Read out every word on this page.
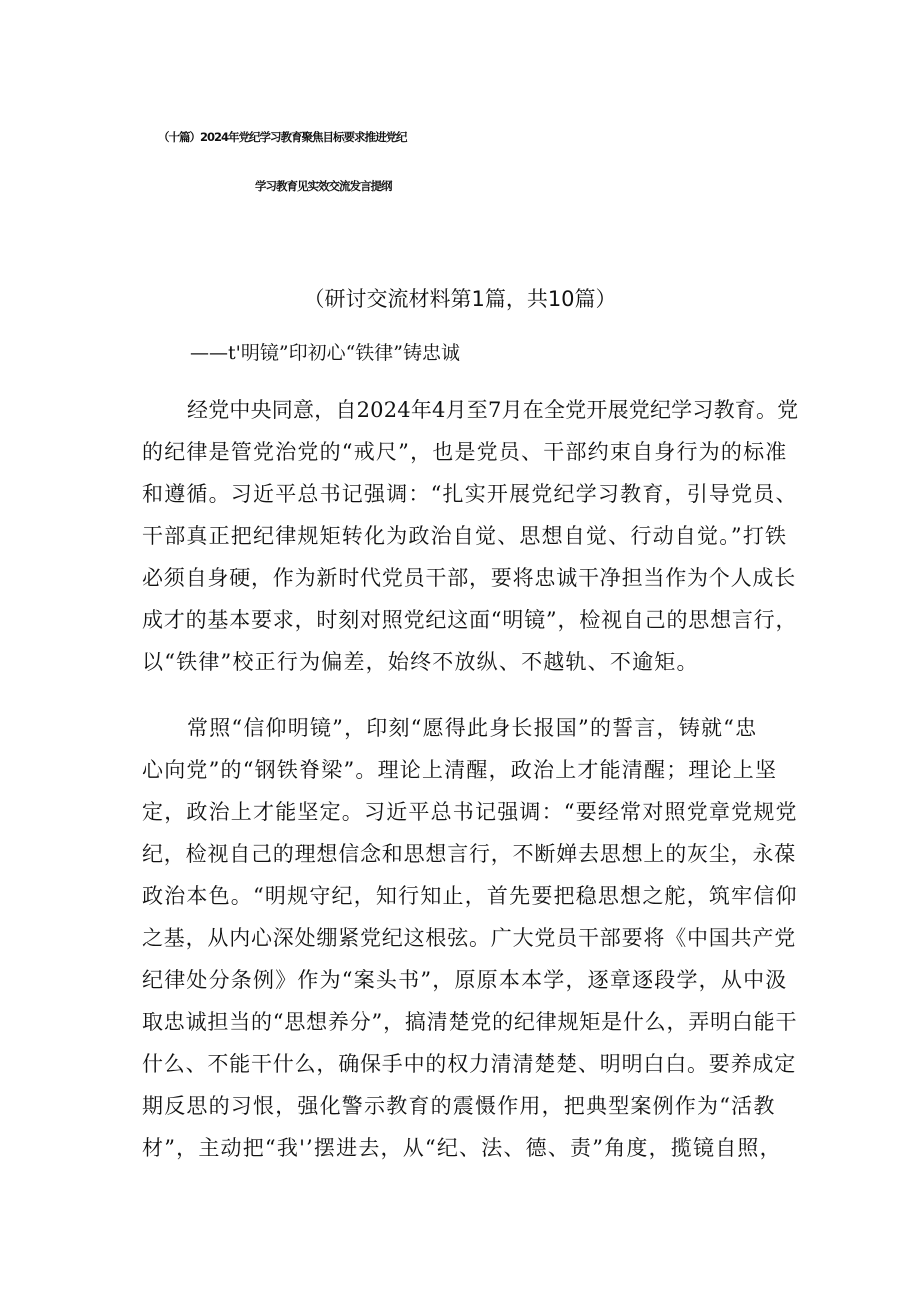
（十篇）2024年党纪学习教育聚焦目标要求推进党纪
学习教育见实效交流发言提纲
（研讨交流材料第1篇，共10篇）
——t'明镜”印初心“铁律”铸忠诚
经党中央同意，自2024年4月至7月在全党开展党纪学习教育。党
的纪律是管党治党的“戒尺”，也是党员、干部约束自身行为的标准
和遵循。习近平总书记强调：“扎实开展党纪学习教育，引导党员、
干部真正把纪律规矩转化为政治自觉、思想自觉、行动自觉。”打铁
必须自身硬，作为新时代党员干部，要将忠诚干净担当作为个人成长
成才的基本要求，时刻对照党纪这面“明镜”，检视自己的思想言行，
以“铁律”校正行为偏差，始终不放纵、不越轨、不逾矩。
常照“信仰明镜”，印刻“愿得此身长报国”的誓言，铸就“忠
心向党”的“钢铁脊梁”。理论上清醒，政治上才能清醒；理论上坚
定，政治上才能坚定。习近平总书记强调：“要经常对照党章党规党
纪，检视自己的理想信念和思想言行，不断婵去思想上的灰尘，永葆
政治本色。“明规守纪，知行知止，首先要把稳思想之舵，筑牢信仰
之基，从内心深处绷紧党纪这根弦。广大党员干部要将《中国共产党
纪律处分条例》作为“案头书”，原原本本学，逐章逐段学，从中汲
取忠诚担当的“思想养分”，搞清楚党的纪律规矩是什么，弄明白能干
什么、不能干什么，确保手中的权力清清楚楚、明明白白。要养成定
期反思的习恨，强化警示教育的震慑作用，把典型案例作为“活教
材”，主动把“我'’摆进去，从“纪、法、德、责”角度，揽镜自照，
